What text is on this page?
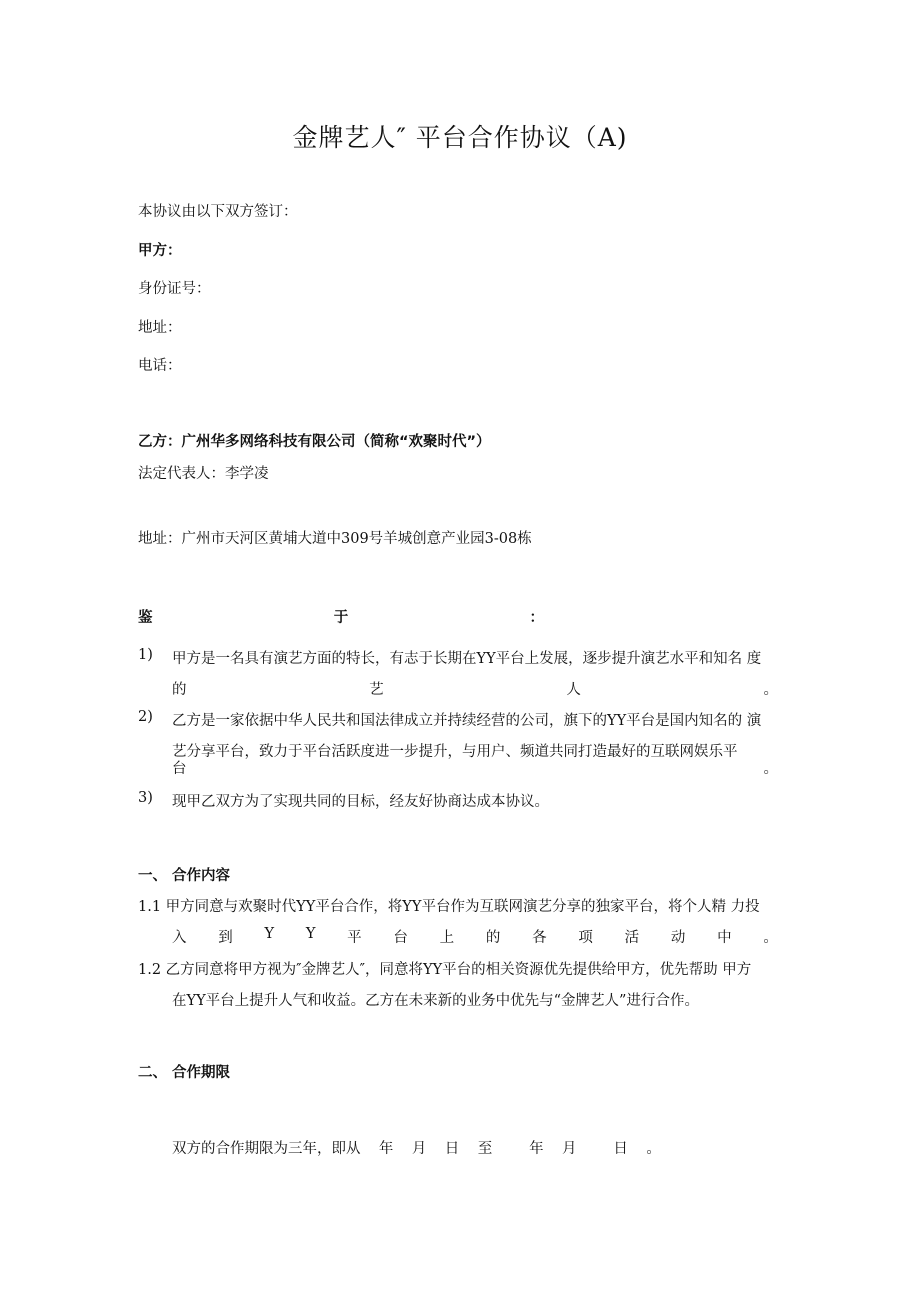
金牌艺人″ 平台合作协议（A)
本协议由以下双方签订：
甲方：
身份证号：
地址：
电话：
乙方：广州华多网络科技有限公司（简称“欢聚时代”）
法定代表人：李学凌
地址：广州市天河区黄埔大道中309号羊城创意产业园3-08栋
鉴	于	：
1) 甲方是一名具有演艺方面的特长，有志于长期在YY平台上发展，逐步提升演艺水平和知名 度
的	艺	人	。
2) 乙方是一家依据中华人民共和国法律成立并持续经营的公司，旗下的YY平台是国内知名的 演
艺分享平台，致力于平台活跃度进一步提升，与用户、频道共同打造最好的互联网娱乐平
台	。
3) 现甲乙双方为了实现共同的目标，经友好协商达成本协议。
一、 合作内容
1.1 甲方同意与欢聚时代YY平台合作，将YY平台作为互联网演艺分享的独家平台，将个人精 力投
入 到 Y Y 平 台 上 的 各 项 活 动 中 。
1.2 乙方同意将甲方视为″金牌艺人″，同意将YY平台的相关资源优先提供给甲方，优先帮助 甲方
在YY平台上提升人气和收益。乙方在未来新的业务中优先与“金牌艺人”进行合作。
二、 合作期限
双方的合作期限为三年，即从    年    月    日    至        年    月        日    。
